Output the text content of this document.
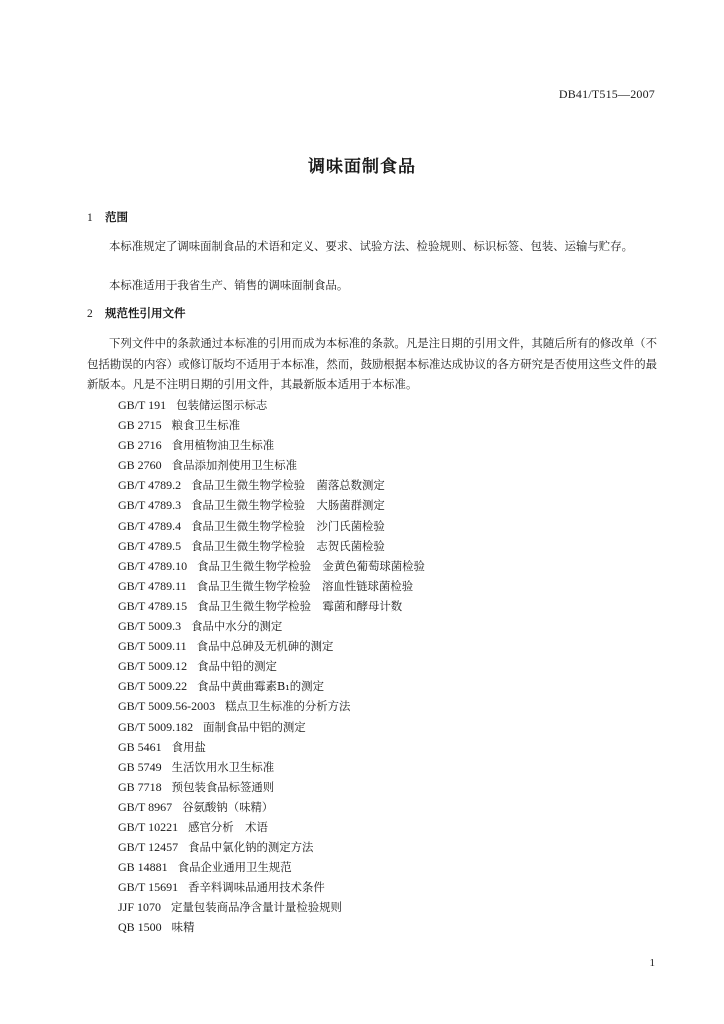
DB41/T515—2007
调味面制食品
1 范围

本标准规定了调味面制食品的术语和定义、要求、试验方法、检验规则、标识标签、包装、运输与贮存。

本标准适用于我省生产、销售的调味面制食品。

2 规范性引用文件

下列文件中的条款通过本标准的引用而成为本标准的条款。凡是注日期的引用文件，其随后所有的修改单（不包括勘误的内容）或修订版均不适用于本标准，然而，鼓励根据本标准达成协议的各方研究是否使用这些文件的最新版本。凡是不注明日期的引用文件，其最新版本适用于本标准。

GB/T 191 包装储运图示标志
GB 2715 粮食卫生标准
GB 2716 食用植物油卫生标准
GB 2760 食品添加剂使用卫生标准
GB/T 4789.2 食品卫生微生物学检验　菌落总数测定
GB/T 4789.3 食品卫生微生物学检验　大肠菌群测定
GB/T 4789.4 食品卫生微生物学检验　沙门氏菌检验
GB/T 4789.5 食品卫生微生物学检验　志贺氏菌检验
GB/T 4789.10 食品卫生微生物学检验　金黄色葡萄球菌检验
GB/T 4789.11 食品卫生微生物学检验　溶血性链球菌检验
GB/T 4789.15 食品卫生微生物学检验　霉菌和酵母计数
GB/T 5009.3 食品中水分的测定
GB/T 5009.11 食品中总砷及无机砷的测定
GB/T 5009.12 食品中铅的测定
GB/T 5009.22 食品中黄曲霉素B₁的测定
GB/T 5009.56-2003 糕点卫生标准的分析方法
GB/T 5009.182 面制食品中铝的测定
GB 5461 食用盐
GB 5749 生活饮用水卫生标准
GB 7718 预包装食品标签通则
GB/T 8967 谷氨酸钠（味精）
GB/T 10221 感官分析　术语
GB/T 12457 食品中氯化钠的测定方法
GB 14881 食品企业通用卫生规范
GB/T 15691 香辛料调味品通用技术条件
JJF 1070 定量包装商品净含量计量检验规则
QB 1500 味精
1
